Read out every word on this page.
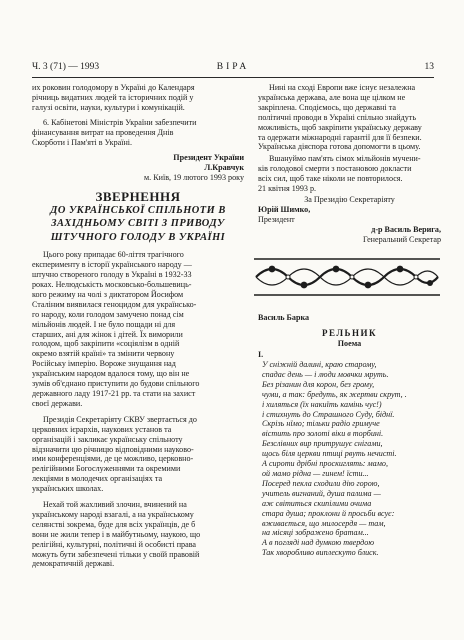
Ч. 3 (71) — 1993	ВІРА	13
их роковин голодомору в Україні до Календаря
річниць видатних людей та історичних подій у
галузі освіти, науки, культури і комунікацій.
6. Кабінетові Міністрів України забезпечити
фінансування витрат на проведення Днів
Скорботи і Пам'яті в Україні.
Президент України
Л.Кравчук
м. Київ, 19 лютого 1993 року
ЗВЕРНЕННЯ
ДО УКРАЇНСЬКОЇ СПІЛЬНОТИ В
ЗАХІДНЬОМУ СВІТІ З ПРИВОДУ
ШТУЧНОГО ГОЛОДУ В УКРАЇНІ
Цього року припадає 60-ліття трагічного
експерименту в історії українського народу —
штучно створеного голоду в Україні в 1932-33
роках. Нелюдськість московсько-большевиць-
кого режиму на чолі з диктатором Йосифом
Сталіним виявилася геноцидом для українсько-
го народу, коли голодом замучено понад сім
мільйонів людей. І не було пощади ні для
старших, ані для жінок і дітей. Їх виморили
голодом, щоб закріпити «соціялізм в одній
окремо взятій країні» та змінити червону
Російську імперію. Вороже знущання над
українським народом вдалося тому, що він не
зумів об'єднано приступити до будови спільного
державного ладу 1917-21 рр. та стати на захист
своєї держави.
Президія Секретаріяту СКВУ звертається до
церковних ієрархів, наукових установ та
організацій і закликає українську спільноту
відзначити цю річницю відповідними науково-
ими конференціями, де це можливо, церковно-
релігійними Богослуженнями та окремими
лекціями в молодечих організаціях та
українських школах.
Нехай той жахливий злочин, вчинений на
українському народі взагалі, а на українському
селянстві зокрема, буде для всіх українців, де б
вони не жили тепер і в майбутньому, наукою, що
релігійні, культурні, політичні й особисті права
можуть бути забезпечені тільки у своїй правовій
демократичній державі.
Нині на сході Европи вже існує незалежна
українська держава, але вона ще цілком не
закріплена. Сподіємось, що державні та
політичні проводи в Україні спільно знайдуть
можливість, щоб закріпити українську державу
та одержати міжнародні гарантії для її безпеки.
Українська діяспора готова допомогти в цьому.
Вшануймо пам'ять сімох мільйонів мучени-
ків голодової смерти з постановою докласти
всіх сил, щоб таке ніколи не повторилося.
21 квітня 1993 р.
За Президію Секретаріяту
Юрій Шимко,
Президент
д-р Василь Верига,
Генеральний Секретар
Василь Барка
РЕЛЬНИК
Поема
I.

У сніжній далині, краю старому,

спадає день — і люди мовчки мруть.

Без різанин для корон, без грому,

чуми, а так: бредуть, як жертви скрут, .

і хиляться (їх накиїть камінь чус!)

і стихнуть до Страшного Суду, біднї.

Скрізь нїмо; тільки радіо гримуче

вістить про золоті віки в торбині.

Безслівних вир притрушує снігами,

щось біля церкви птиці рвуть нечисті.

А сироти дрібні проскиглять: мамо,

ой мамо рідна — гинем! їсти...

Посеред пекла сходили дію горою,

учитель вигнаний, душа палима —

аж світиться скипілими очима

стара душа; проклони й просьби всує:

вживається, що милосердя — там,

на місяці зображено братам...

А в погляді над думкою твердою

Так хворобливо виплескуто блиск.
